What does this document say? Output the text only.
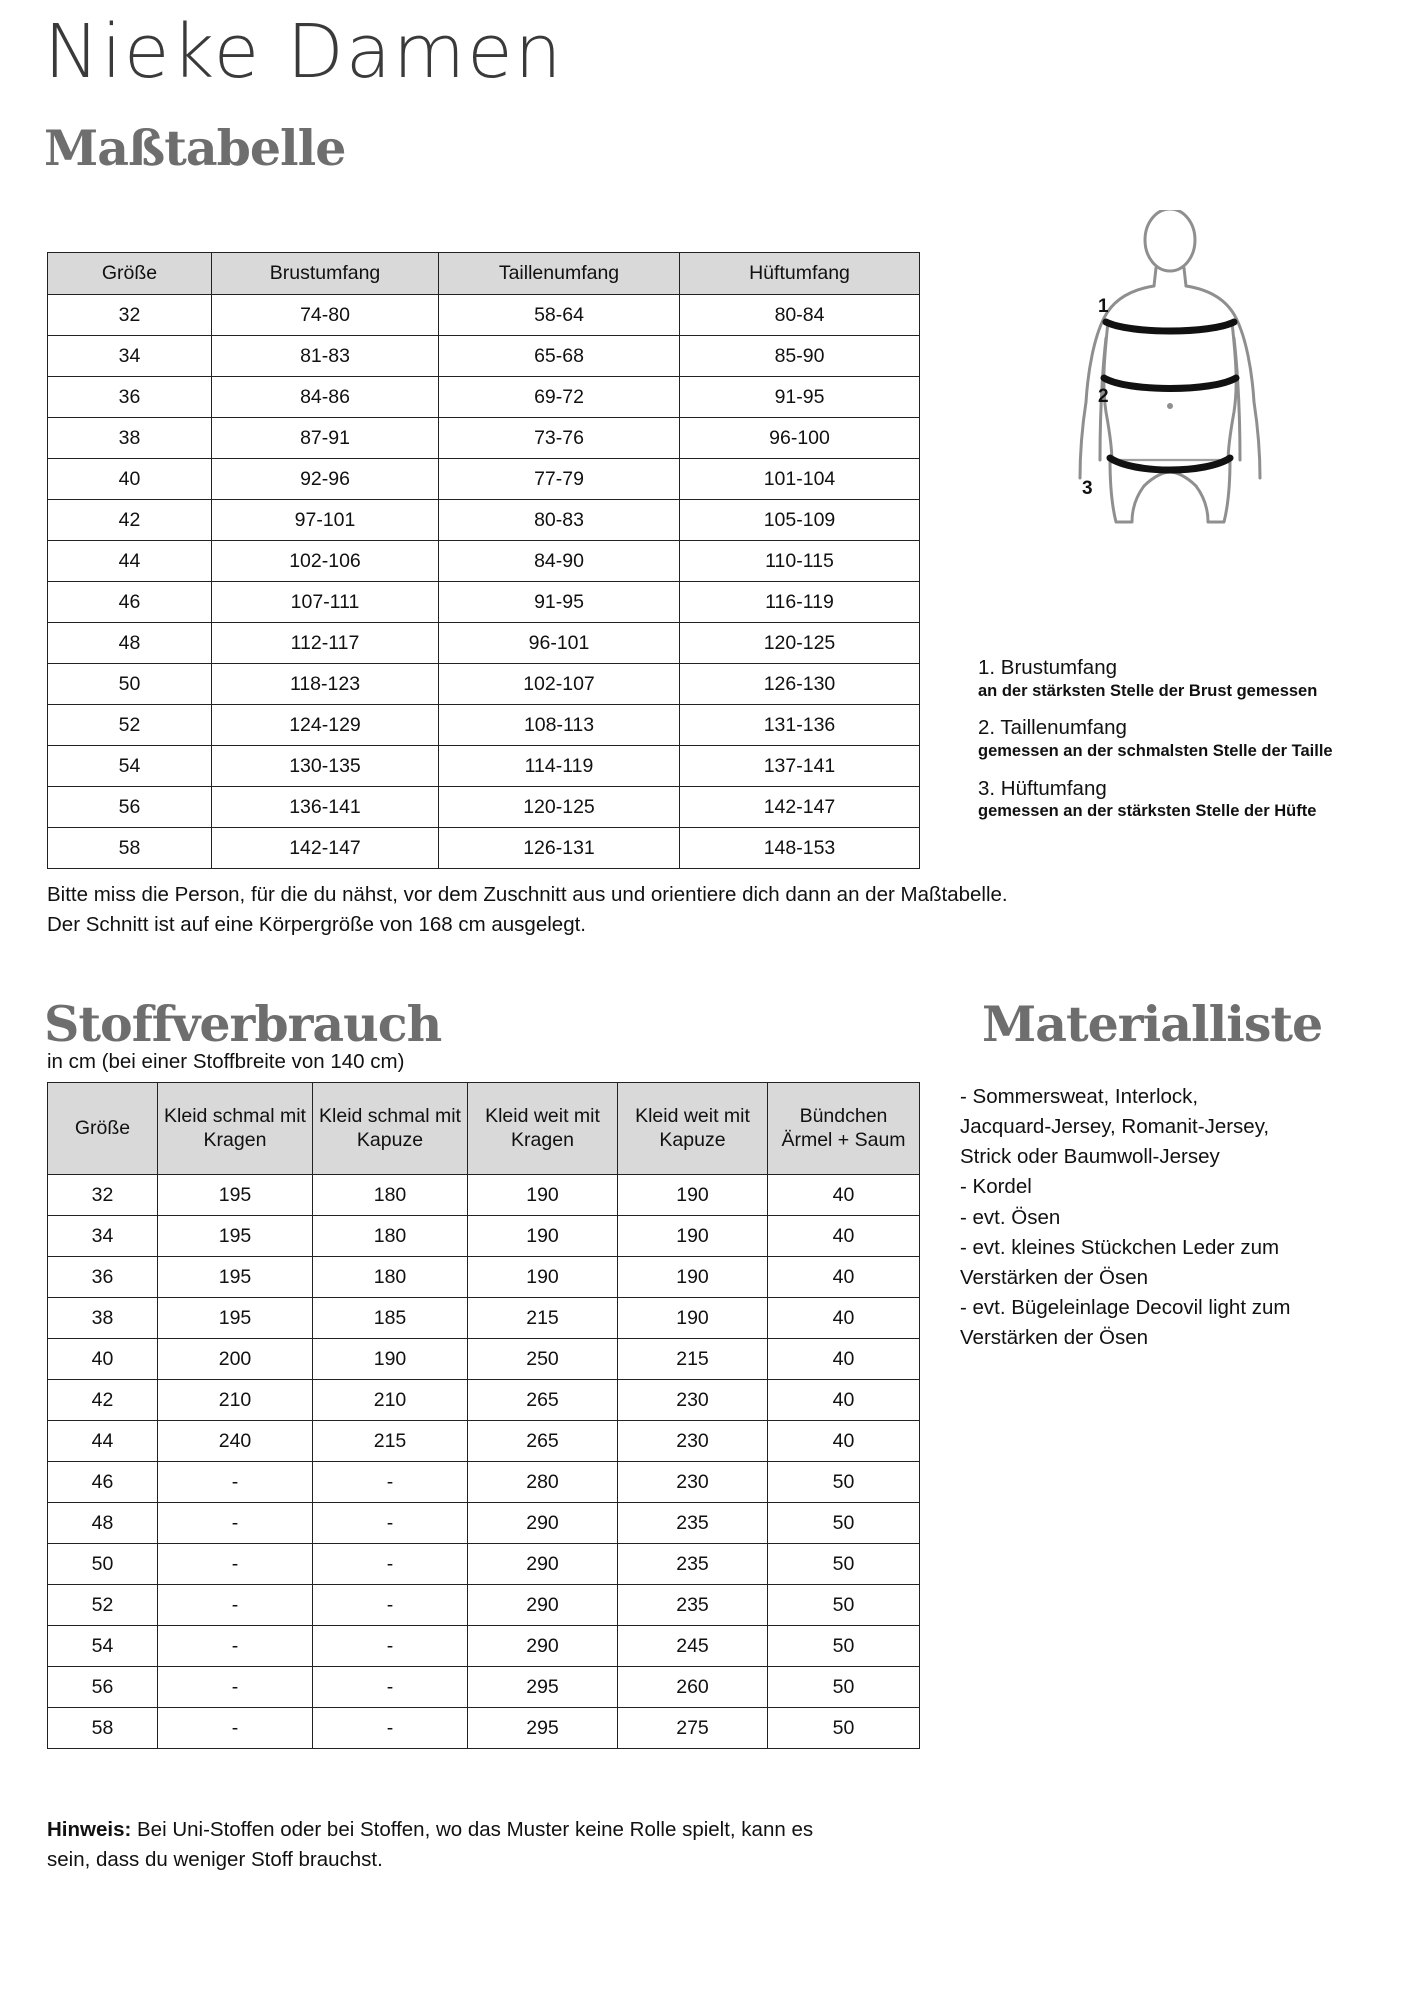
Nieke Damen
Maßtabelle
Größe	Brustumfang	Taillenumfang	Hüftumfang
32	74-80	58-64	80-84
34	81-83	65-68	85-90
36	84-86	69-72	91-95
38	87-91	73-76	96-100
40	92-96	77-79	101-104
42	97-101	80-83	105-109
44	102-106	84-90	110-115
46	107-111	91-95	116-119
48	112-117	96-101	120-125
50	118-123	102-107	126-130
52	124-129	108-113	131-136
54	130-135	114-119	137-141
56	136-141	120-125	142-147
58	142-147	126-131	148-153
1
2
3
1. Brustumfang
an der stärksten Stelle der Brust gemessen
2. Taillenumfang
gemessen an der schmalsten Stelle der Taille
3. Hüftumfang
gemessen an der stärksten Stelle der Hüfte
Bitte miss die Person, für die du nähst, vor dem Zuschnitt aus und orientiere dich dann an der Maßtabelle.
Der Schnitt ist auf eine Körpergröße von 168 cm ausgelegt.
Stoffverbrauch
in cm (bei einer Stoffbreite von 140 cm)
Materialliste
Größe	Kleid schmal mit Kragen	Kleid schmal mit Kapuze	Kleid weit mit Kragen	Kleid weit mit Kapuze	Bündchen Ärmel + Saum
32	195	180	190	190	40
34	195	180	190	190	40
36	195	180	190	190	40
38	195	185	215	190	40
40	200	190	250	215	40
42	210	210	265	230	40
44	240	215	265	230	40
46	-	-	280	230	50
48	-	-	290	235	50
50	-	-	290	235	50
52	-	-	290	235	50
54	-	-	290	245	50
56	-	-	295	260	50
58	-	-	295	275	50
- Sommersweat, Interlock,
Jacquard-Jersey, Romanit-Jersey,
Strick oder Baumwoll-Jersey
- Kordel
- evt. Ösen
- evt. kleines Stückchen Leder zum
Verstärken der Ösen
- evt. Bügeleinlage Decovil light zum
Verstärken der Ösen
Hinweis: Bei Uni-Stoffen oder bei Stoffen, wo das Muster keine Rolle spielt, kann es sein, dass du weniger Stoff brauchst.
